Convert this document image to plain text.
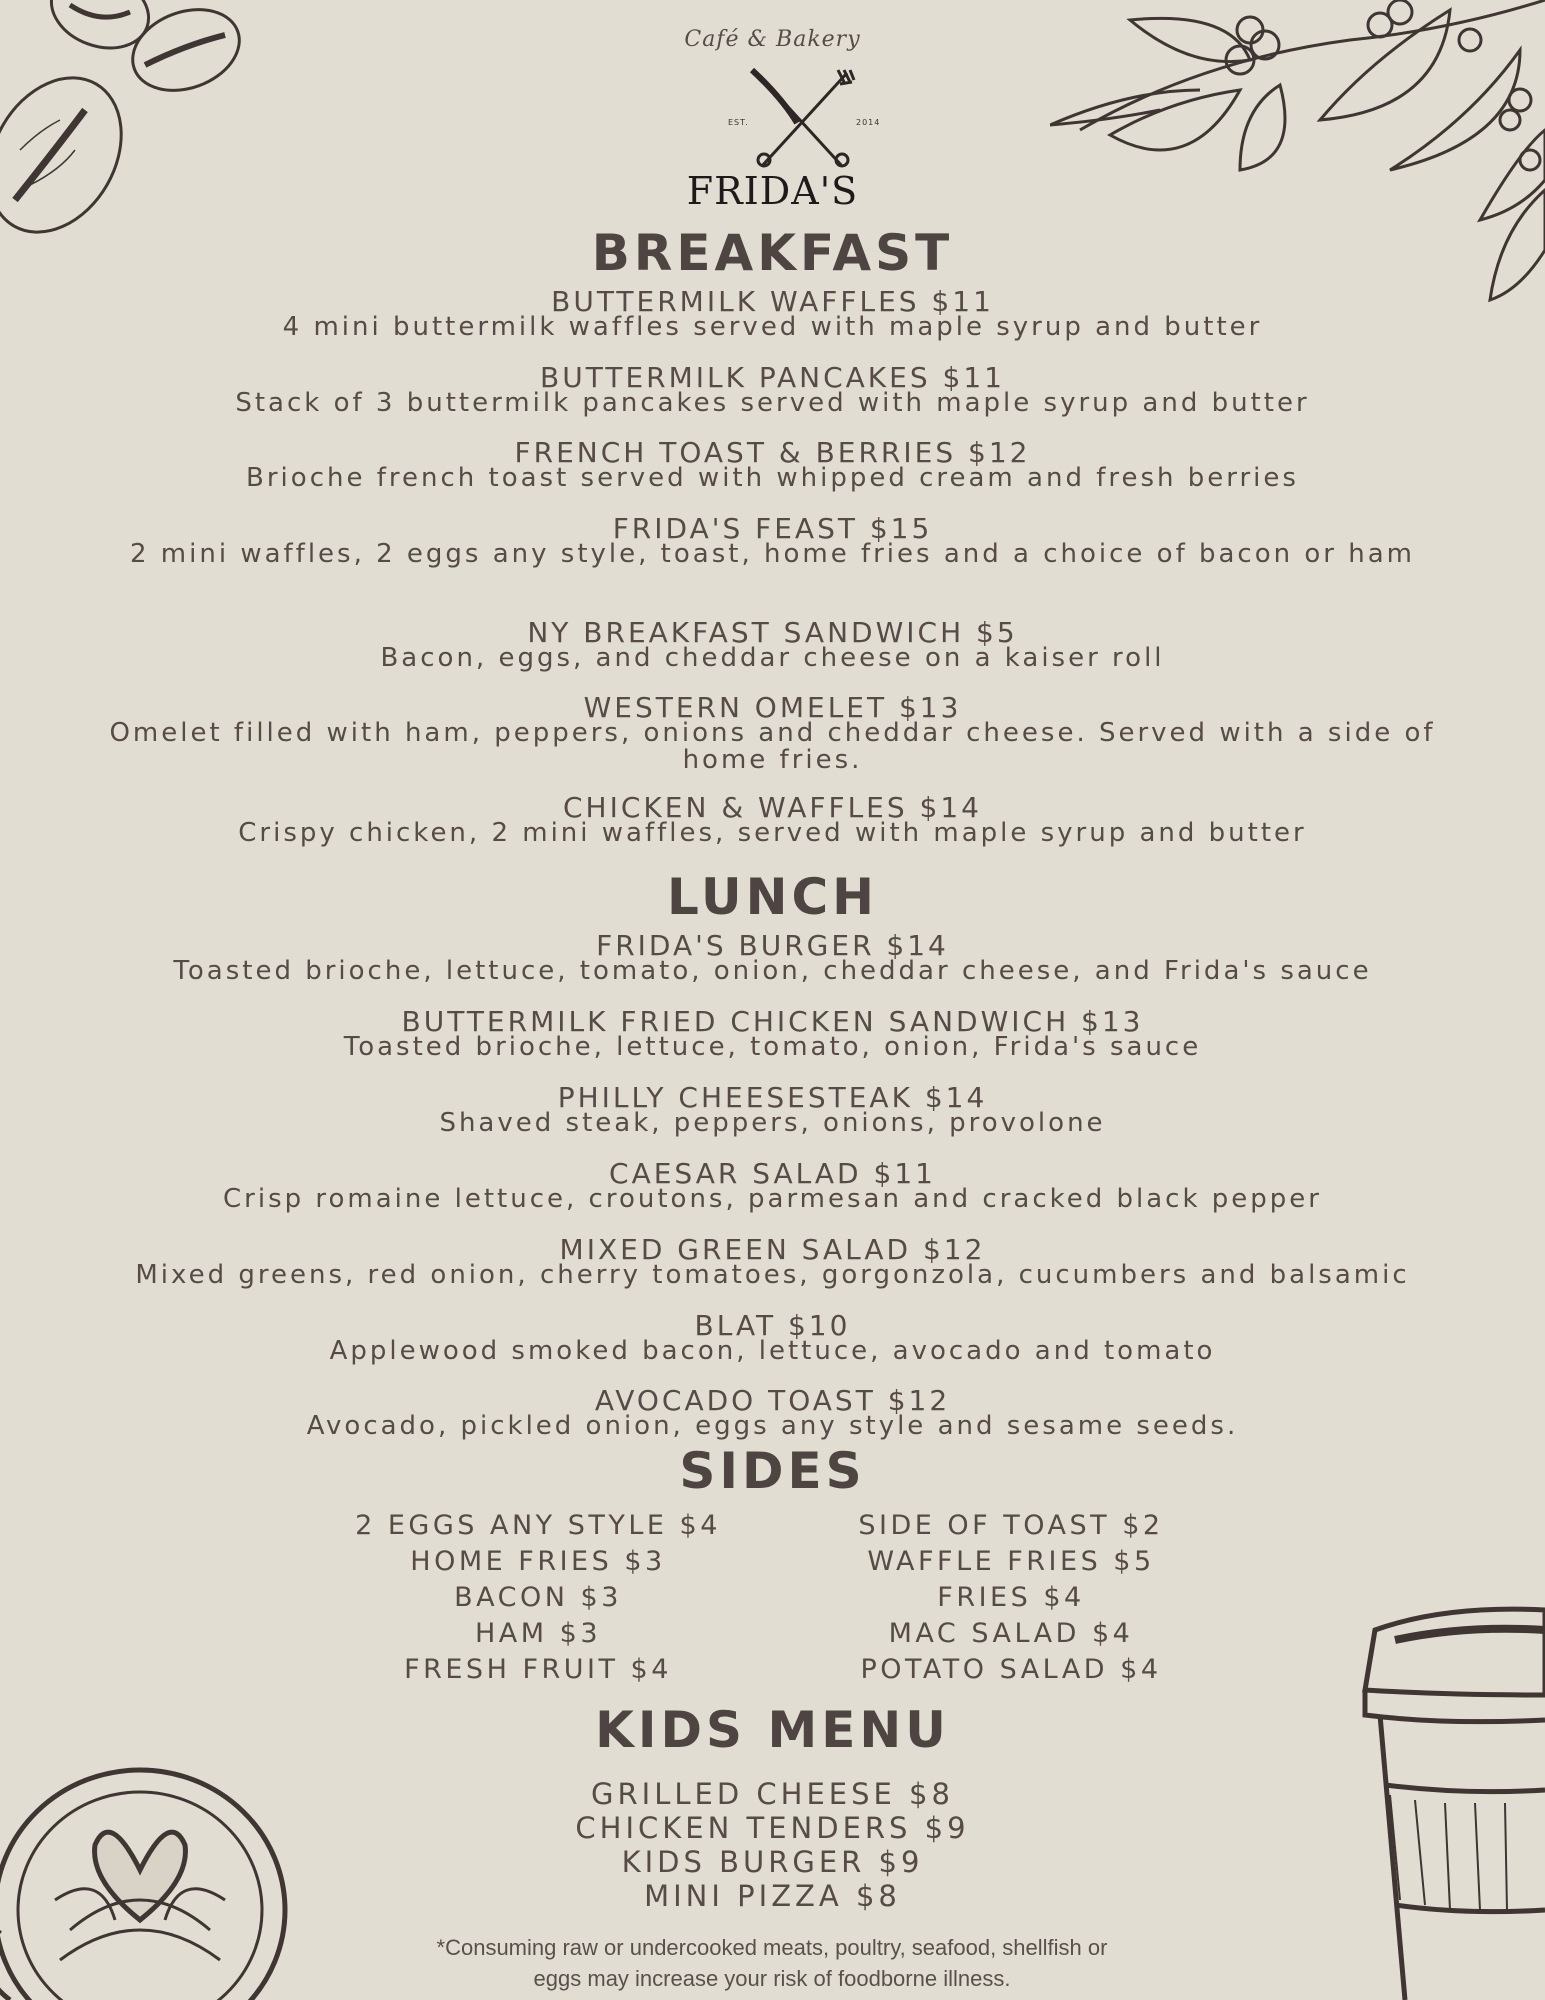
Café & Bakery
EST.	2014
FRIDA'S
BREAKFAST
BUTTERMILK WAFFLES $11
4 mini buttermilk waffles served with maple syrup and butter
BUTTERMILK PANCAKES $11
Stack of 3 buttermilk pancakes served with maple syrup and butter
FRENCH TOAST & BERRIES $12
Brioche french toast served with whipped cream and fresh berries
FRIDA'S FEAST $15
2 mini waffles, 2 eggs any style, toast, home fries and a choice of bacon or ham
NY BREAKFAST SANDWICH $5
Bacon, eggs, and cheddar cheese on a kaiser roll
WESTERN OMELET $13
Omelet filled with ham, peppers, onions and cheddar cheese. Served with a side of home fries.
CHICKEN & WAFFLES $14
Crispy chicken, 2 mini waffles, served with maple syrup and butter
LUNCH
FRIDA'S BURGER $14
Toasted brioche, lettuce, tomato, onion, cheddar cheese, and Frida's sauce
BUTTERMILK FRIED CHICKEN SANDWICH $13
Toasted brioche, lettuce, tomato, onion, Frida's sauce
PHILLY CHEESESTEAK $14
Shaved steak, peppers, onions, provolone
CAESAR SALAD $11
Crisp romaine lettuce, croutons, parmesan and cracked black pepper
MIXED GREEN SALAD $12
Mixed greens, red onion, cherry tomatoes, gorgonzola, cucumbers and balsamic
BLAT $10
Applewood smoked bacon, lettuce, avocado and tomato
AVOCADO TOAST $12
Avocado, pickled onion, eggs any style and sesame seeds.
SIDES
2 EGGS ANY STYLE $4
HOME FRIES $3
BACON $3
HAM $3
FRESH FRUIT $4
SIDE OF TOAST $2
WAFFLE FRIES $5
FRIES $4
MAC SALAD $4
POTATO SALAD $4
KIDS MENU
GRILLED CHEESE $8
CHICKEN TENDERS $9
KIDS BURGER $9
MINI PIZZA $8
*Consuming raw or undercooked meats, poultry, seafood, shellfish or eggs may increase your risk of foodborne illness.
